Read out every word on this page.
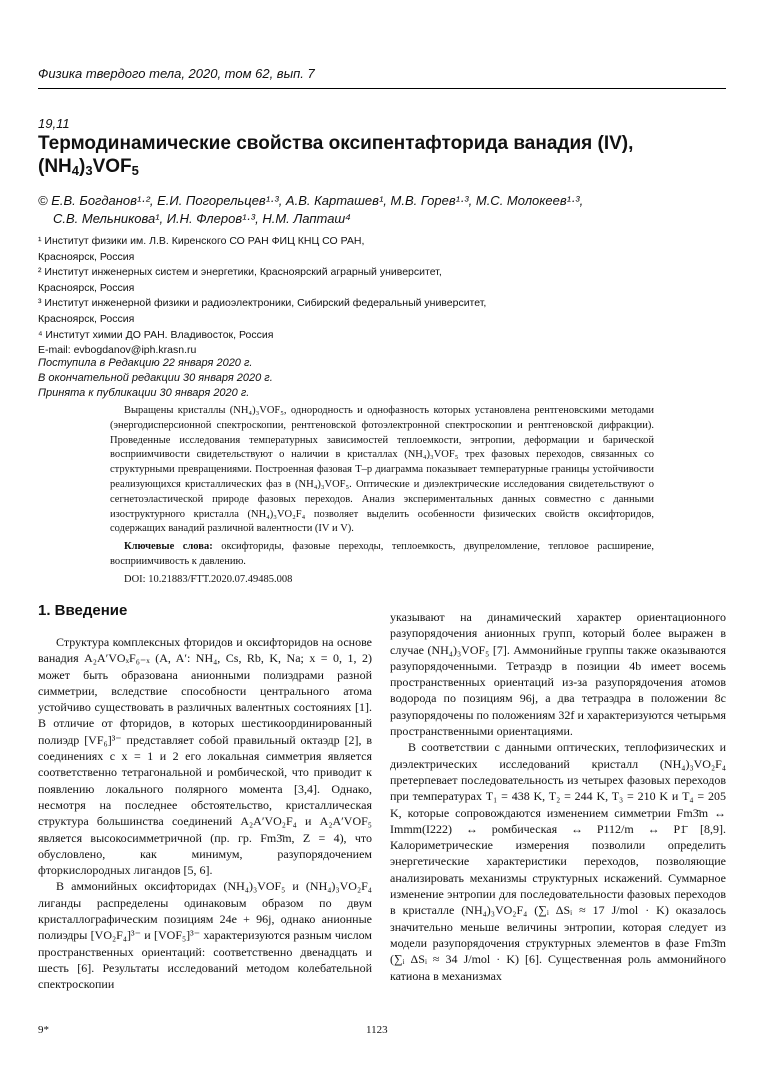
Физика твердого тела, 2020, том 62, вып. 7
19,11
Термодинамические свойства оксипентафторида ванадия (IV),
$(NH_4)_3VOF_5$
© Е.В. Богданов¹·², Е.И. Погорельцев¹·³, А.В. Карташев¹, М.В. Горев¹·³, М.С. Молокеев¹·³,
С.В. Мельникова¹, И.Н. Флеров¹·³, Н.М. Лапташ⁴
¹ Институт физики им. Л.В. Киренского СО РАН ФИЦ КНЦ СО РАН,
Красноярск, Россия
² Институт инженерных систем и энергетики, Красноярский аграрный университет,
Красноярск, Россия
³ Институт инженерной физики и радиоэлектроники, Сибирский федеральный университет,
Красноярск, Россия
⁴ Институт химии ДО РАН. Владивосток, Россия
E-mail: evbogdanov@iph.krasn.ru
Поступила в Редакцию 22 января 2020 г.
В окончательной редакции 30 января 2020 г.
Принята к публикации 30 января 2020 г.
Выращены кристаллы (NH₄)₃VOF₅, однородность и однофазность которых установлена рентгеновскими методами (энергодисперсионной спектроскопии, рентгеновской фотоэлектронной спектроскопии и рентгеновской дифракции). Проведенные исследования температурных зависимостей теплоемкости, энтропии, деформации и барической восприимчивости свидетельствуют о наличии в кристаллах (NH₄)₃VOF₅ трех фазовых переходов, связанных со структурными превращениями. Построенная фазовая T–p диаграмма показывает температурные границы устойчивости реализующихся кристаллических фаз в (NH₄)₃VOF₅. Оптические и диэлектрические исследования свидетельствуют о сегнетоэластической природе фазовых переходов. Анализ экспериментальных данных совместно с данными изоструктурного кристалла (NH₄)₃VO₂F₄ позволяет выделить особенности физических свойств оксифторидов, содержащих ванадий различной валентности (IV и V).
Ключевые слова: оксифториды, фазовые переходы, теплоемкость, двупреломление, тепловое расширение, восприимчивость к давлению.
DOI: 10.21883/FTT.2020.07.49485.008
1. Введение

Структура комплексных фторидов и оксифторидов на основе ванадия A₂A′VOₓF₆₋ₓ (A, A′: NH₄, Cs, Rb, K, Na; x = 0, 1, 2) может быть образована анионными полиэдрами разной симметрии, вследствие способности центрального атома устойчиво существовать в различных валентных состояниях [1]. В отличие от фторидов, в которых шестикоординированный полиэдр [VF₆]³⁻ представляет собой правильный октаэдр [2], в соединениях с x = 1 и 2 его локальная симметрия является соответственно тетрагональной и ромбической, что приводит к появлению локального полярного момента [3,4]. Однако, несмотря на последнее обстоятельство, кристаллическая структура большинства соединений A₂A′VO₂F₄ и A₂A′VOF₅ является высокосимметричной (пр. гр. Fm3̄m, Z = 4), что обусловлено, как минимум, разупорядочением фторкислородных лигандов [5, 6].

В аммонийных оксифторидах (NH₄)₃VOF₅ и (NH₄)₃VO₂F₄ лиганды распределены одинаковым образом по двум кристаллографическим позициям 24e + 96j, однако анионные полиэдры [VO₂F₄]³⁻ и [VOF₅]³⁻ характеризуются разным числом пространственных ориентаций: соответственно двенадцать и шесть [6]. Результаты исследований методом колебательной спектроскопии

указывают на динамический характер ориентационного разупорядочения анионных групп, который более выражен в случае (NH₄)₃VOF₅ [7]. Аммонийные группы также оказываются разупорядоченными. Тетраэдр в позиции 4b имеет восемь пространственных ориентаций из-за разупорядочения атомов водорода по позициям 96j, а два тетраэдра в положении 8c разупорядочены по положениям 32f и характеризуются четырьмя пространственными ориентациями.

В соответствии с данными оптических, теплофизических и диэлектрических исследований кристалл (NH₄)₃VO₂F₄ претерпевает последовательность из четырех фазовых переходов при температурах T₁ = 438 K, T₂ = 244 K, T₃ = 210 K и T₄ = 205 K, которые сопровождаются изменением симметрии Fm3̄m ↔ Immm(I222) ↔ ромбическая ↔ P112/m ↔ P1̄ [8,9]. Калориметрические измерения позволили определить энергетические характеристики переходов, позволяющие анализировать механизмы структурных искажений. Суммарное изменение энтропии для последовательности фазовых переходов в кристалле (NH₄)₃VO₂F₄ (∑ᵢ ΔSᵢ ≈ 17 J/mol · K) оказалось значительно меньше величины энтропии, которая следует из модели разупорядочения структурных элементов в фазе Fm3̄m (∑ᵢ ΔSᵢ ≈ 34 J/mol · K) [6]. Существенная роль аммонийного катиона в механизмах

9*	1123
